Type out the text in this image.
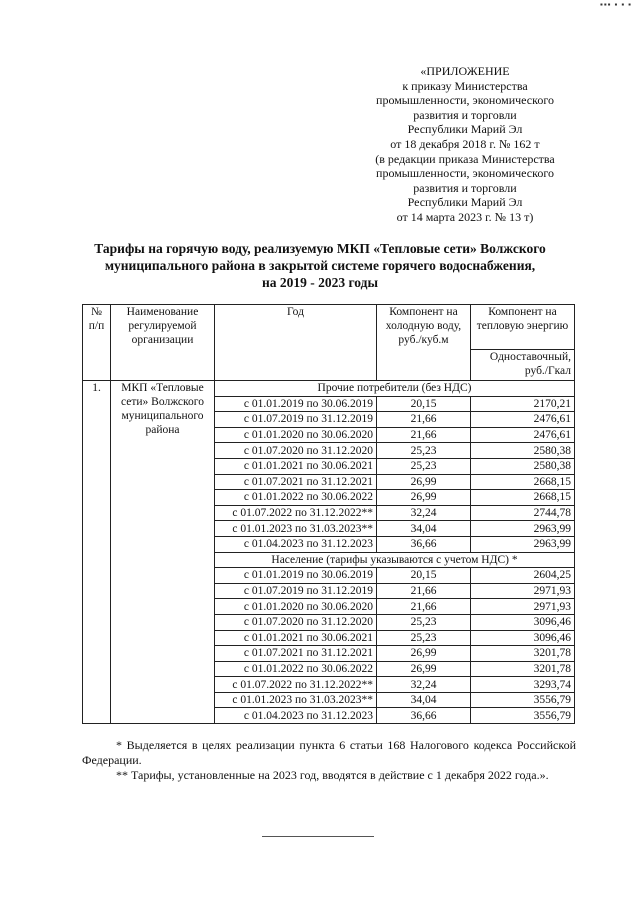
▪▪▪ ▪ ▪ ▪
«ПРИЛОЖЕНИЕ
к приказу Министерства
промышленности, экономического
развития и торговли
Республики Марий Эл
от 18 декабря 2018 г. № 162 т
(в редакции приказа Министерства
промышленности, экономического
развития и торговли
Республики Марий Эл
от 14 марта 2023 г. № 13 т)
Тарифы на горячую воду, реализуемую МКП «Тепловые сети» Волжского
муниципального района в закрытой системе горячего водоснабжения,
на 2019 - 2023 годы
№ п/п	Наименование регулируемой организации	Год	Компонент на холодную воду, руб./куб.м	Компонент на тепловую энергию
				Одноставочный, руб./Гкал
1.	МКП «Тепловые сети» Волжского муниципального района	Прочие потребители (без НДС)		
		с 01.01.2019 по 30.06.2019	20,15	2170,21
		с 01.07.2019 по 31.12.2019	21,66	2476,61
		с 01.01.2020 по 30.06.2020	21,66	2476,61
		с 01.07.2020 по 31.12.2020	25,23	2580,38
		с 01.01.2021 по 30.06.2021	25,23	2580,38
		с 01.07.2021 по 31.12.2021	26,99	2668,15
		с 01.01.2022 по 30.06.2022	26,99	2668,15
		с 01.07.2022 по 31.12.2022**	32,24	2744,78
		с 01.01.2023 по 31.03.2023**	34,04	2963,99
		с 01.04.2023 по 31.12.2023	36,66	2963,99
		Население (тарифы указываются с учетом НДС) *		
		с 01.01.2019 по 30.06.2019	20,15	2604,25
		с 01.07.2019 по 31.12.2019	21,66	2971,93
		с 01.01.2020 по 30.06.2020	21,66	2971,93
		с 01.07.2020 по 31.12.2020	25,23	3096,46
		с 01.01.2021 по 30.06.2021	25,23	3096,46
		с 01.07.2021 по 31.12.2021	26,99	3201,78
		с 01.01.2022 по 30.06.2022	26,99	3201,78
		с 01.07.2022 по 31.12.2022**	32,24	3293,74
		с 01.01.2023 по 31.03.2023**	34,04	3556,79
		с 01.04.2023 по 31.12.2023	36,66	3556,79

* Выделяется в целях реализации пункта 6 статьи 168 Налогового кодекса Российской Федерации.

** Тарифы, установленные на 2023 год, вводятся в действие с 1 декабря 2022 года.».
